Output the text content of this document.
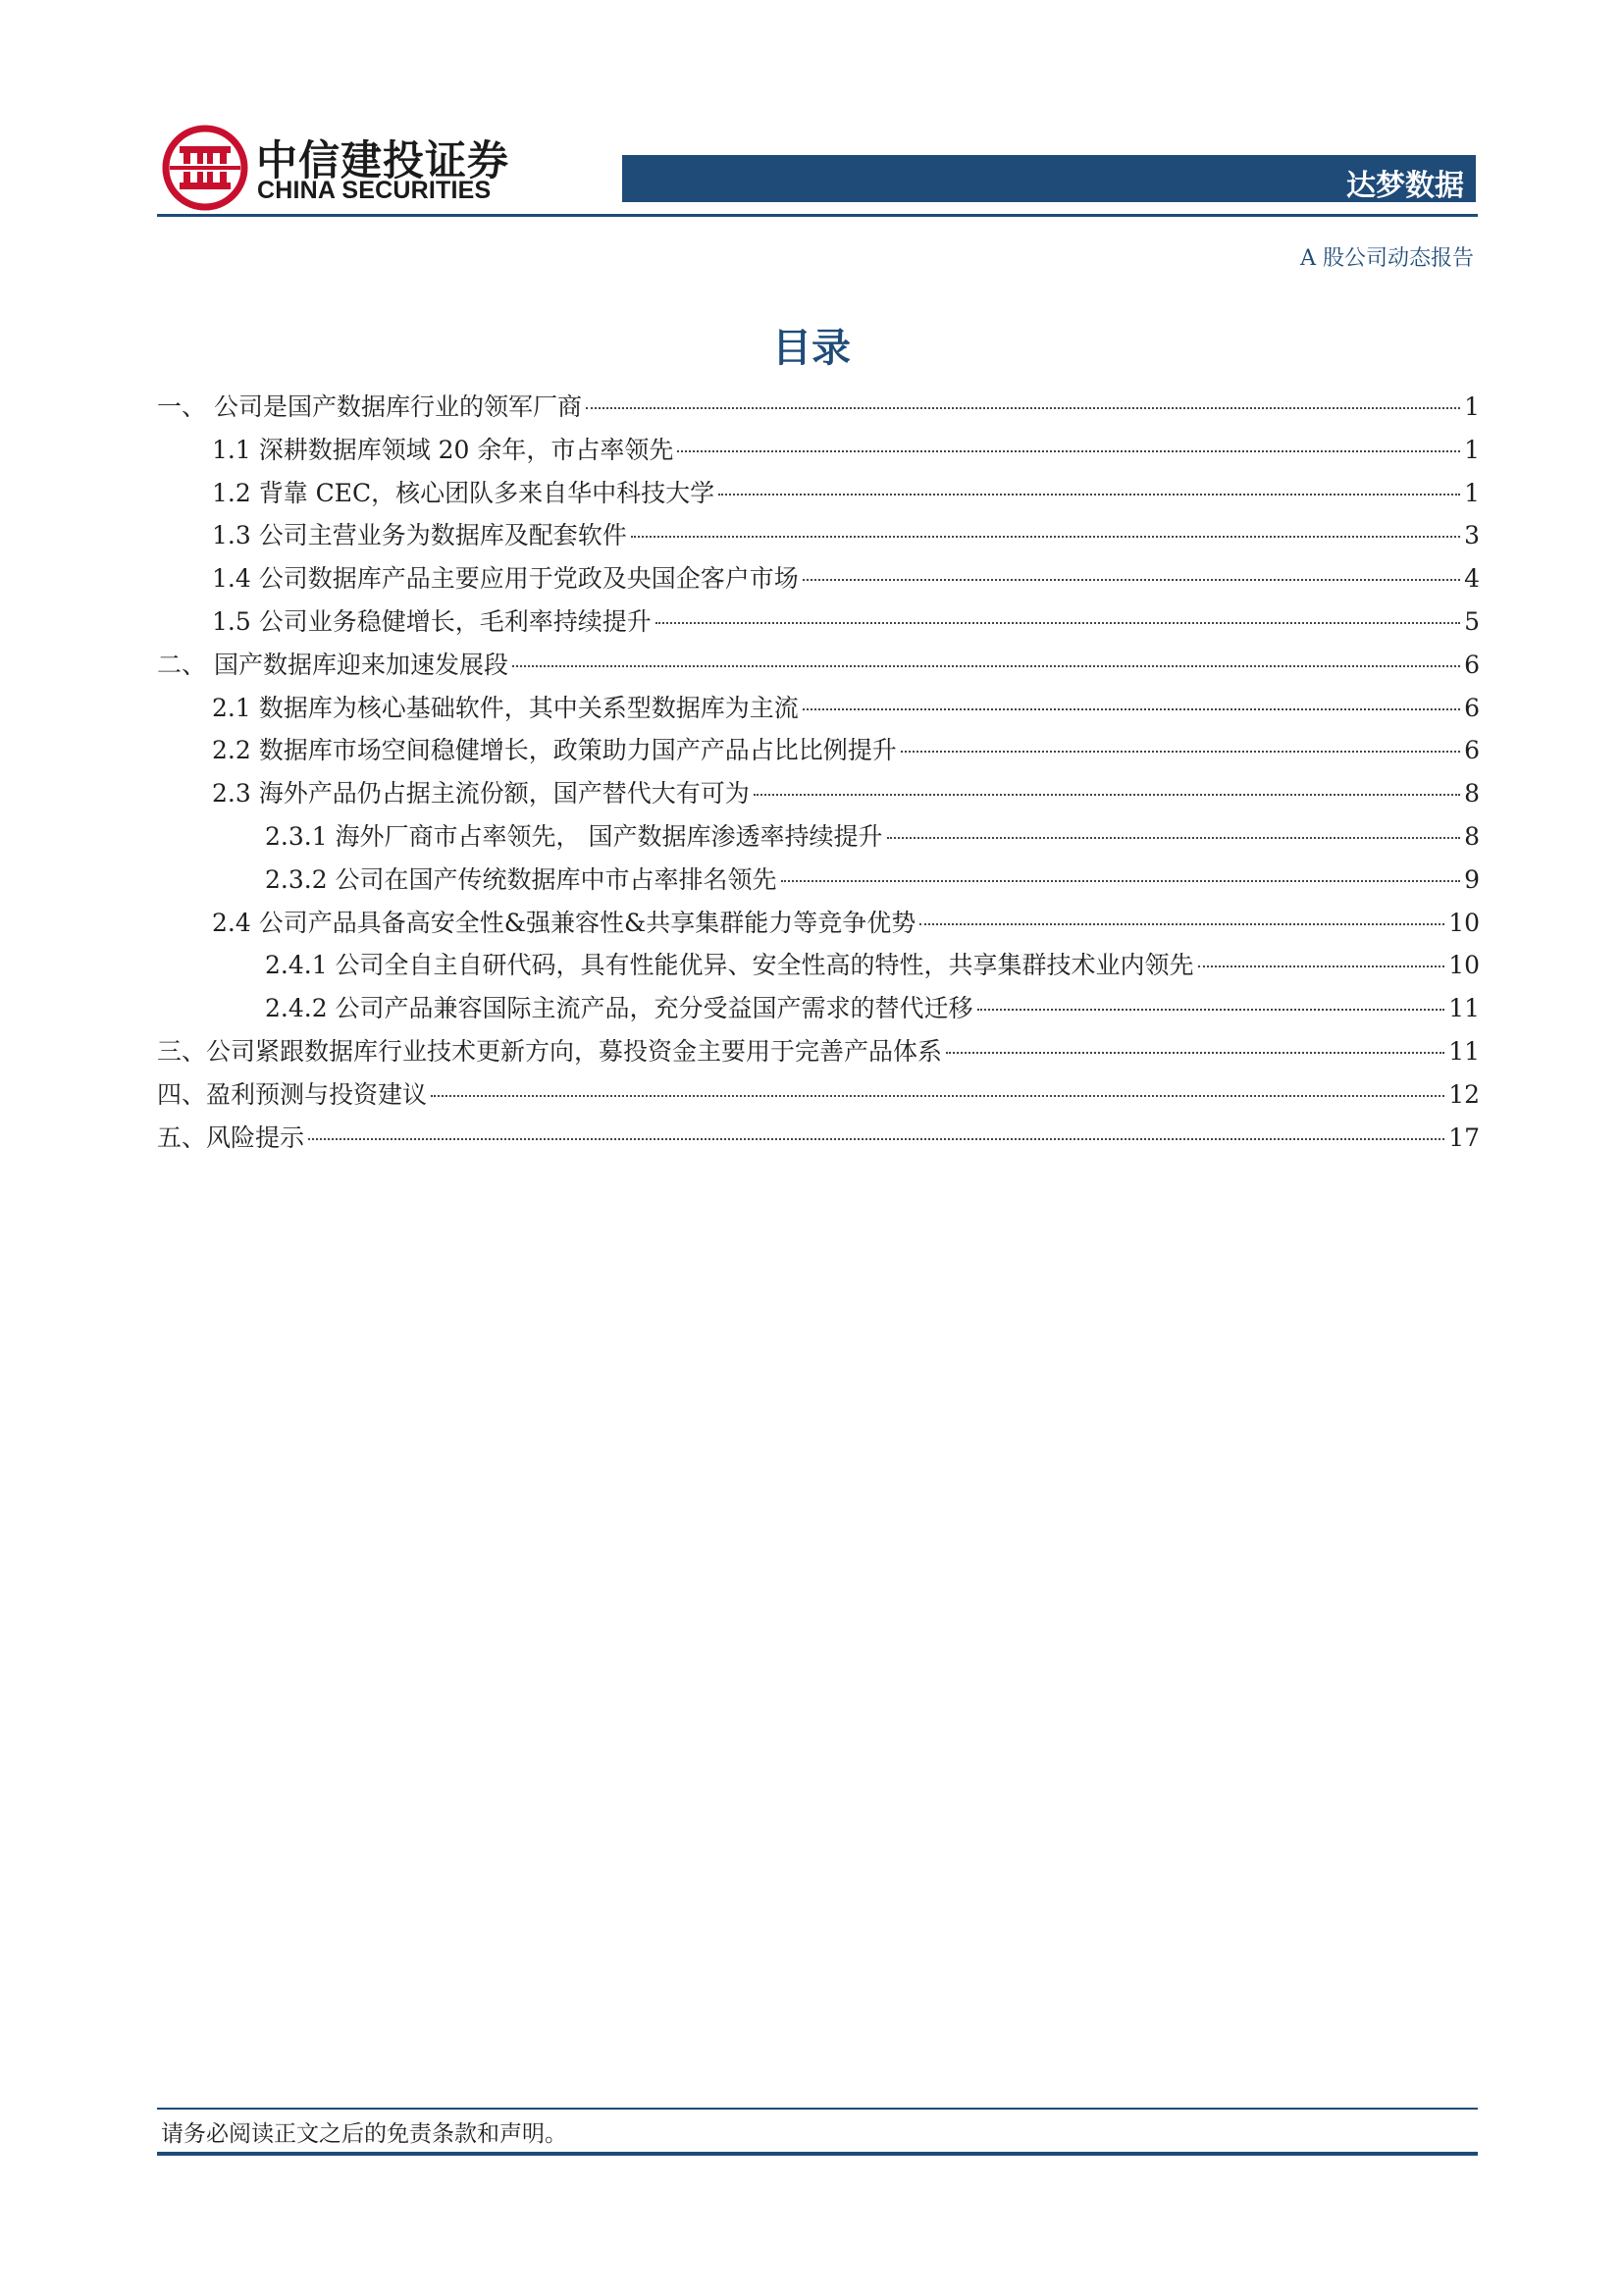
中信建投证券
CHINA SECURITIES	达梦数据
A 股公司动态报告
目录
一、 公司是国产数据库行业的领军厂商	1
1.1 深耕数据库领域 20 余年，市占率领先	1
1.2 背靠 CEC，核心团队多来自华中科技大学	1
1.3 公司主营业务为数据库及配套软件	3
1.4 公司数据库产品主要应用于党政及央国企客户市场	4
1.5 公司业务稳健增长，毛利率持续提升	5
二、 国产数据库迎来加速发展段	6
2.1 数据库为核心基础软件，其中关系型数据库为主流	6
2.2 数据库市场空间稳健增长，政策助力国产产品占比比例提升	6
2.3 海外产品仍占据主流份额，国产替代大有可为	8
2.3.1 海外厂商市占率领先， 国产数据库渗透率持续提升	8
2.3.2 公司在国产传统数据库中市占率排名领先	9
2.4 公司产品具备高安全性&强兼容性&共享集群能力等竞争优势	10
2.4.1 公司全自主自研代码，具有性能优异、安全性高的特性，共享集群技术业内领先	10
2.4.2 公司产品兼容国际主流产品，充分受益国产需求的替代迁移	11
三、公司紧跟数据库行业技术更新方向，募投资金主要用于完善产品体系	11
四、盈利预测与投资建议	12
五、风险提示	17
请务必阅读正文之后的免责条款和声明。
